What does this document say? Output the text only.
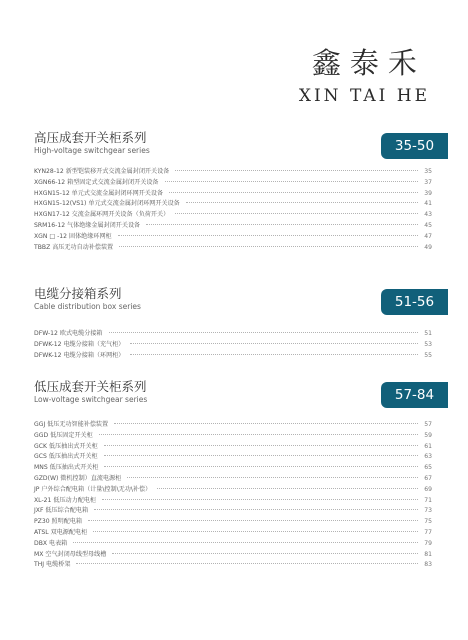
鑫泰禾
XIN TAI HE
高压成套开关柜系列
High-voltage switchgear series	35-50
KYN28-12 新型铠装移开式交流金属封闭开关设备	35
XGN66-12 箱型固定式交流金属封闭开关设备	37
HXGN15-12 单元式交流金属封闭环网开关设备	39
HXGN15-12(VS1) 单元式交流金属封闭环网开关设备	41
HXGN17-12 交流金属环网开关设备（负荷开关）	43
SRM16-12 气体绝缘金属封闭开关设备	45
XGN □ -12 固体绝缘环网柜	47
TBBZ 高压无功自动补偿装置	49
电缆分接箱系列
Cable distribution box series	51-56
DFW-12 欧式电缆分接箱	51
DFWK-12 电缆分接箱（充气柜）	53
DFWK-12 电缆分接箱（环网柜）	55
低压成套开关柜系列
Low-voltage switchgear series	57-84
GGJ 低压无功智能补偿装置	57
GGD 低压固定开关柜	59
GCK 低压抽出式开关柜	61
GCS 低压抽出式开关柜	63
MNS 低压抽出式开关柜	65
GZD(W) 微机控制）直流电源柜	67
JP 户外综合配电箱（计量\控制\无功\补偿）	69
XL-21 低压动力配电柜	71
JXF 低压综合配电箱	73
PZ30 照明配电箱	75
ATSL 双电源配电柜	77
DBX 电表箱	79
MX 空气封闭母线型母线槽	81
THJ 电缆桥架	83
